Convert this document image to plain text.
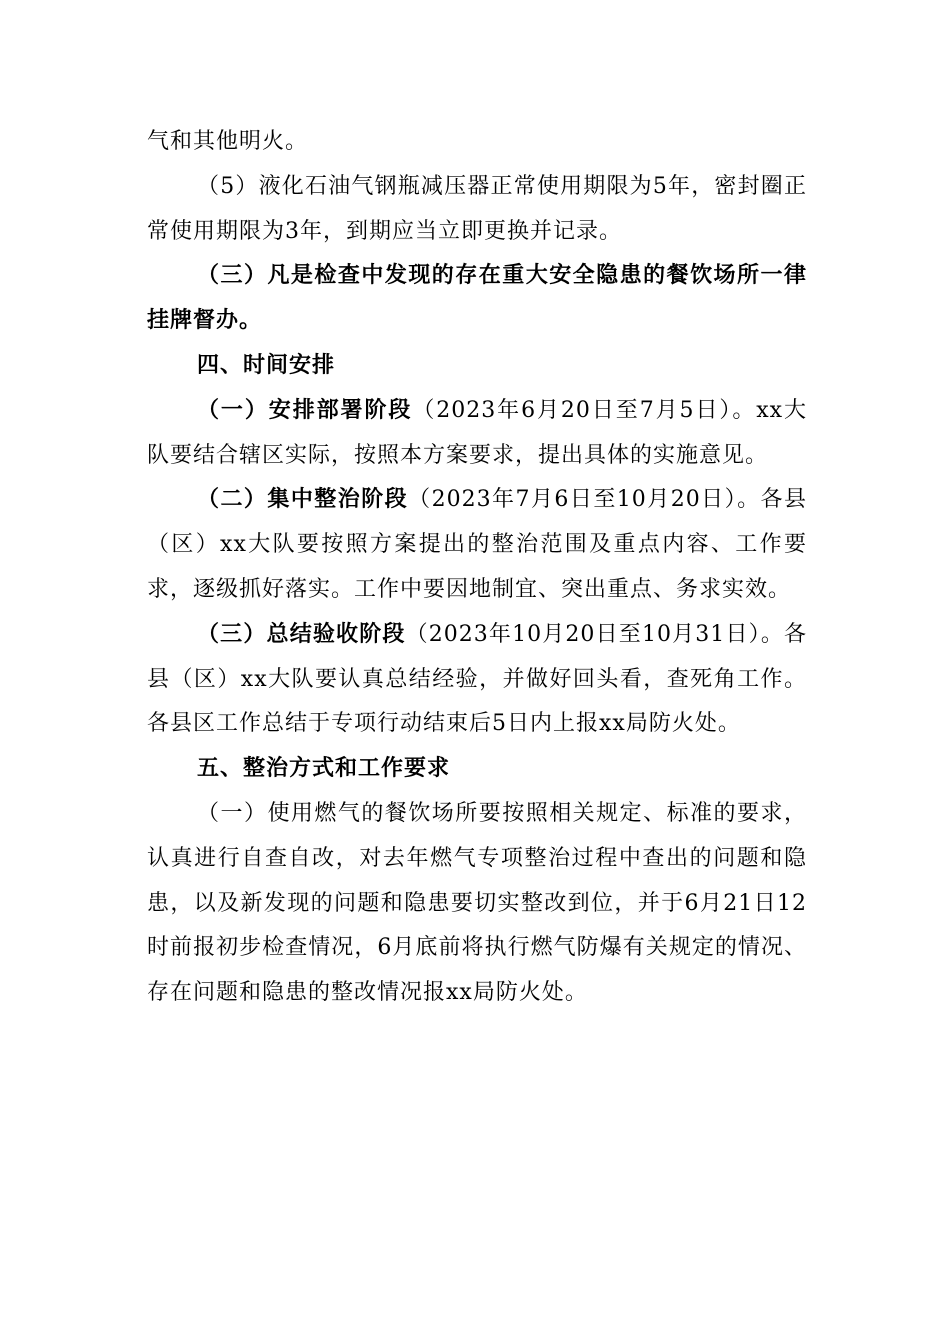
气和其他明火。

（5）液化石油气钢瓶减压器正常使用期限为5年，密封圈正常使用期限为3年，到期应当立即更换并记录。

（三）凡是检查中发现的存在重大安全隐患的餐饮场所一律挂牌督办。

四、时间安排

（一）安排部署阶段（2023年6月20日至7月5日）。xx大队要结合辖区实际，按照本方案要求，提出具体的实施意见。

（二）集中整治阶段（2023年7月6日至10月20日）。各县（区）xx大队要按照方案提出的整治范围及重点内容、工作要求，逐级抓好落实。工作中要因地制宜、突出重点、务求实效。

（三）总结验收阶段（2023年10月20日至10月31日）。各县（区）xx大队要认真总结经验，并做好回头看，查死角工作。各县区工作总结于专项行动结束后5日内上报xx局防火处。

五、整治方式和工作要求

（一）使用燃气的餐饮场所要按照相关规定、标准的要求，认真进行自查自改，对去年燃气专项整治过程中查出的问题和隐患，以及新发现的问题和隐患要切实整改到位，并于6月21日12时前报初步检查情况，6月底前将执行燃气防爆有关规定的情况、存在问题和隐患的整改情况报xx局防火处。
